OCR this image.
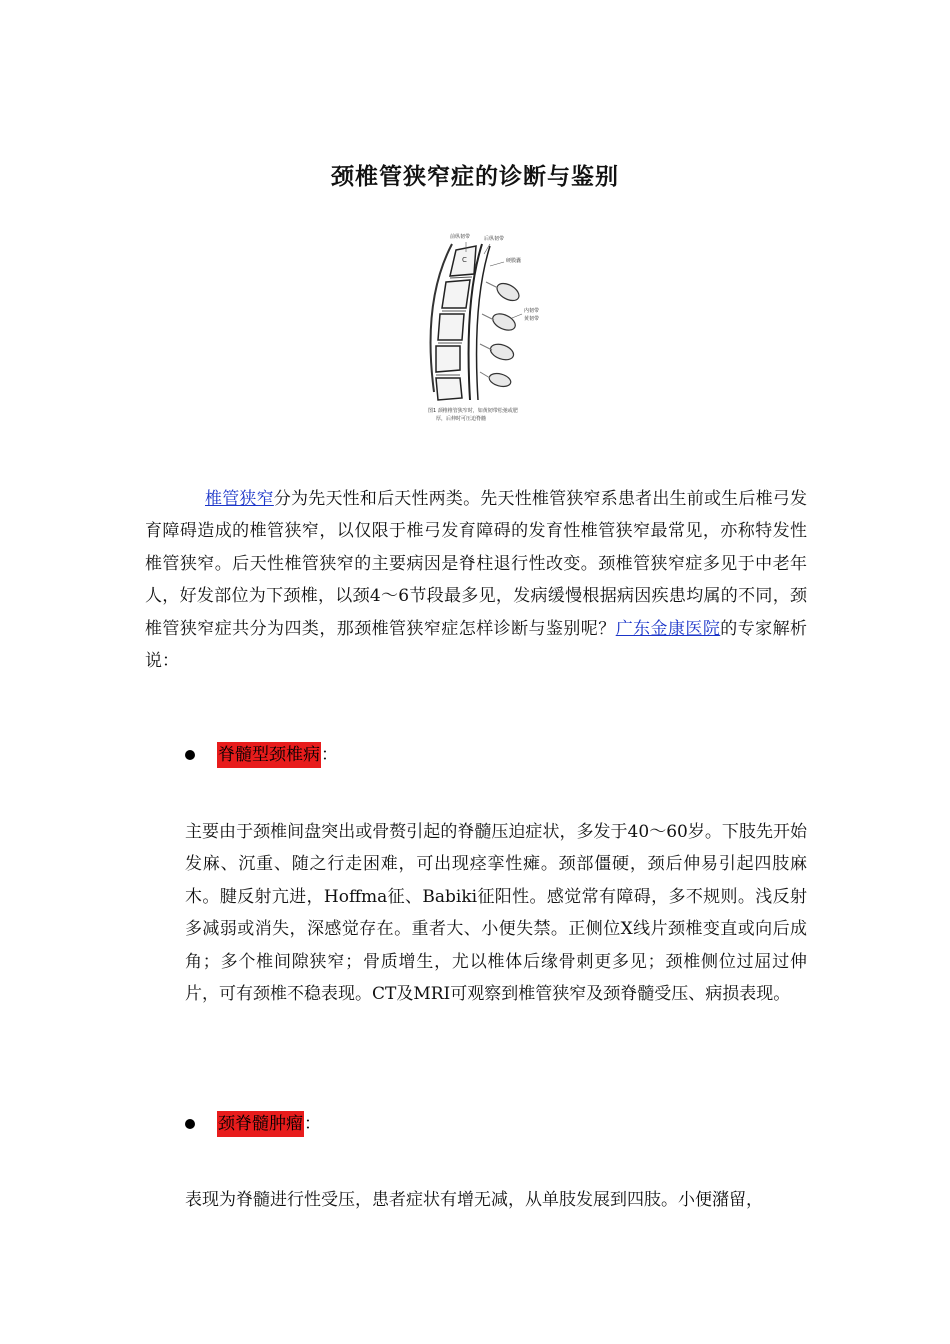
颈椎管狭窄症的诊断与鉴别
前纵韧带	后纵韧带
C	硬膜囊
内韧带
黄韧带
图1 颈椎椎管狭窄时，如黄韧带松弛或肥
厚，后伸时可压迫脊髓

椎管狭窄分为先天性和后天性两类。先天性椎管狭窄系患者出生前或生后椎弓发育障碍造成的椎管狭窄，以仅限于椎弓发育障碍的发育性椎管狭窄最常见，亦称特发性椎管狭窄。后天性椎管狭窄的主要病因是脊柱退行性改变。颈椎管狭窄症多见于中老年人，好发部位为下颈椎，以颈4～6节段最多见，发病缓慢根据病因疾患均属的不同，颈椎管狭窄症共分为四类，那颈椎管狭窄症怎样诊断与鉴别呢？广东金康医院的专家解析说：

脊髓型颈椎病 ：

主要由于颈椎间盘突出或骨赘引起的脊髓压迫症状，多发于40～60岁。下肢先开始发麻、沉重、随之行走困难，可出现痉挛性瘫。颈部僵硬，颈后伸易引起四肢麻木。腱反射亢进，Hoffma征、Babiki征阳性。感觉常有障碍，多不规则。浅反射多减弱或消失，深感觉存在。重者大、小便失禁。正侧位X线片颈椎变直或向后成角；多个椎间隙狭窄；骨质增生，尤以椎体后缘骨刺更多见；颈椎侧位过屈过伸片，可有颈椎不稳表现。CT及MRI可观察到椎管狭窄及颈脊髓受压、病损表现。

颈脊髓肿瘤 ：

表现为脊髓进行性受压，患者症状有增无减，从单肢发展到四肢。小便潴留，
